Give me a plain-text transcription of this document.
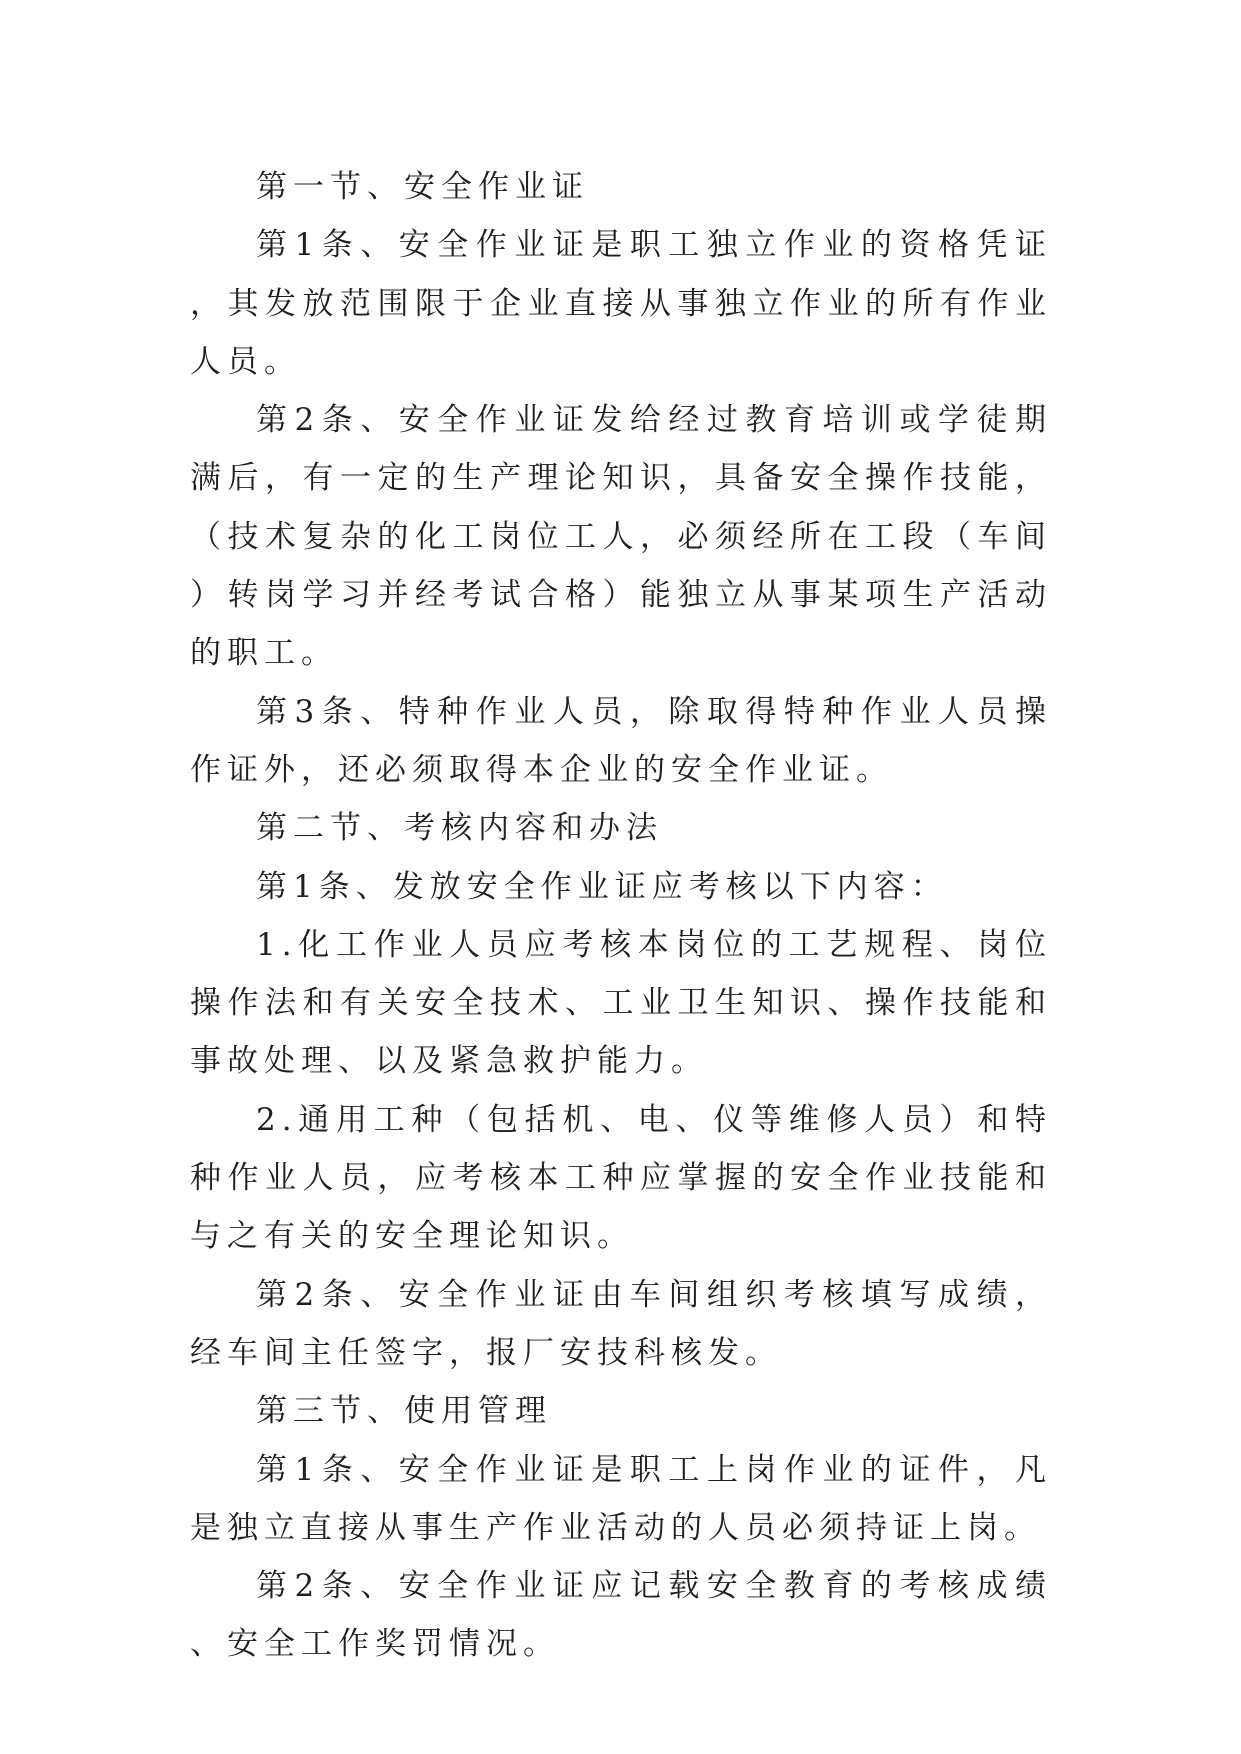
第一节、安全作业证

第1条、安全作业证是职工独立作业的资格凭证，其发放范围限于企业直接从事独立作业的所有作业人员。

第2条、安全作业证发给经过教育培训或学徒期满后，有一定的生产理论知识，具备安全操作技能，（技术复杂的化工岗位工人，必须经所在工段（车间）转岗学习并经考试合格）能独立从事某项生产活动的职工。

第3条、特种作业人员，除取得特种作业人员操作证外，还必须取得本企业的安全作业证。

第二节、考核内容和办法

第1条、发放安全作业证应考核以下内容：

1.化工作业人员应考核本岗位的工艺规程、岗位操作法和有关安全技术、工业卫生知识、操作技能和事故处理、以及紧急救护能力。

2.通用工种（包括机、电、仪等维修人员）和特种作业人员，应考核本工种应掌握的安全作业技能和与之有关的安全理论知识。

第2条、安全作业证由车间组织考核填写成绩，经车间主任签字，报厂安技科核发。

第三节、使用管理

第1条、安全作业证是职工上岗作业的证件，凡是独立直接从事生产作业活动的人员必须持证上岗。

第2条、安全作业证应记载安全教育的考核成绩、安全工作奖罚情况。
